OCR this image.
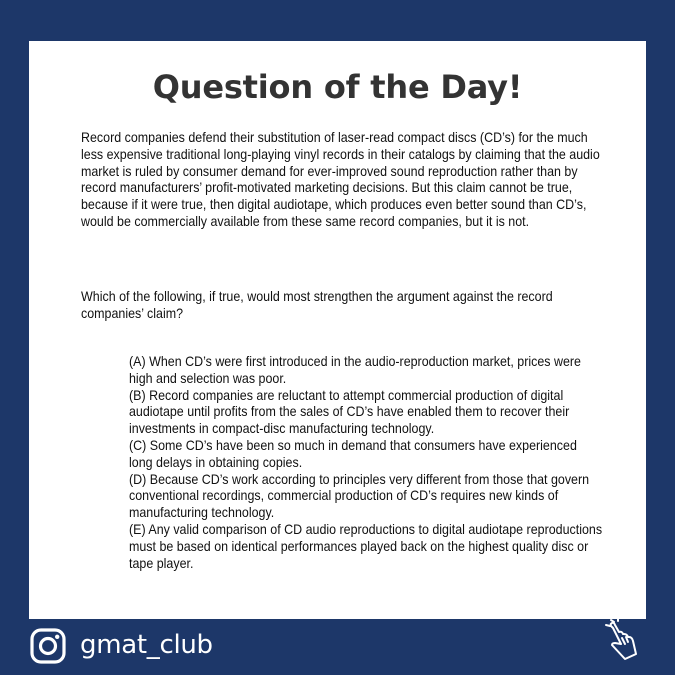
Question of the Day!

Record companies defend their substitution of laser-read compact discs (CD’s) for the much less expensive traditional long-playing vinyl records in their catalogs by claiming that the audio market is ruled by consumer demand for ever-improved sound reproduction rather than by record manufacturers’ profit-motivated marketing decisions. But this claim cannot be true, because if it were true, then digital audiotape, which produces even better sound than CD’s, would be commercially available from these same record companies, but it is not.

Which of the following, if true, would most strengthen the argument against the record companies’ claim?

(A) When CD’s were first introduced in the audio-reproduction market, prices were high and selection was poor.
(B) Record companies are reluctant to attempt commercial production of digital audiotape until profits from the sales of CD’s have enabled them to recover their investments in compact-disc manufacturing technology.
(C) Some CD’s have been so much in demand that consumers have experienced long delays in obtaining copies.
(D) Because CD’s work according to principles very different from those that govern conventional recordings, commercial production of CD’s requires new kinds of manufacturing technology.
(E) Any valid comparison of CD audio reproductions to digital audiotape reproductions must be based on identical performances played back on the highest quality disc or tape player.
gmat_club
